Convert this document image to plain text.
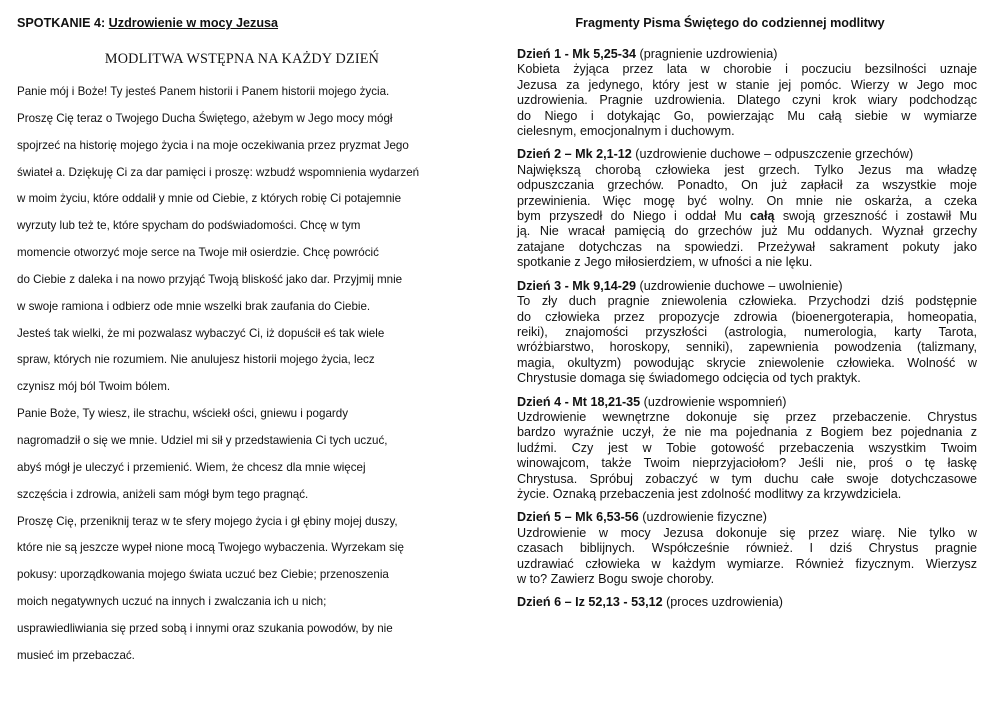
SPOTKANIE 4: Uzdrowienie w mocy Jezusa

MODLITWA WSTĘPNA NA KAŻDY DZIEŃ

Panie mój i Boże! Ty jesteś Panem historii i Panem historii mojego życia.
Proszę Cię teraz o Twojego Ducha Świętego, ażebym w Jego mocy mógł
spojrzeć na historię mojego życia i na moje oczekiwania przez pryzmat Jego
świateł a. Dziękuję Ci za dar pamięci i proszę: wzbudź wspomnienia wydarzeń
w moim życiu, które oddalił y mnie od Ciebie, z których robię Ci potajemnie
wyrzuty lub też te, które spycham do podświadomości. Chcę w tym
momencie otworzyć moje serce na Twoje mił osierdzie. Chcę powrócić
do Ciebie z daleka i na nowo przyjąć Twoją bliskość jako dar. Przyjmij mnie
w swoje ramiona i odbierz ode mnie wszelki brak zaufania do Ciebie.
Jesteś tak wielki, że mi pozwalasz wybaczyć Ci, iż dopuścił eś tak wiele
spraw, których nie rozumiem. Nie anulujesz historii mojego życia, lecz
czynisz mój ból Twoim bólem.
Panie Boże, Ty wiesz, ile strachu, wściekł ości, gniewu i pogardy
nagromadził o się we mnie. Udziel mi sił y przedstawienia Ci tych uczuć,
abyś mógł je uleczyć i przemienić. Wiem, że chcesz dla mnie więcej
szczęścia i zdrowia, aniżeli sam mógł bym tego pragnąć.
Proszę Cię, przeniknij teraz w te sfery mojego życia i gł ębiny mojej duszy,
które nie są jeszcze wypeł nione mocą Twojego wybaczenia. Wyrzekam się
pokusy: uporządkowania mojego świata uczuć bez Ciebie; przenoszenia
moich negatywnych uczuć na innych i zwalczania ich u nich;
usprawiedliwiania się przed sobą i innymi oraz szukania powodów, by nie
musieć im przebaczać.

Fragmenty Pisma Świętego do codziennej modlitwy

Dzień 1 - Mk 5,25-34 (pragnienie uzdrowienia)
Kobieta żyjąca przez lata w chorobie i poczuciu bezsilności uznaje
Jezusa za jedynego, który jest w stanie jej pomóc. Wierzy w Jego moc
uzdrowienia. Pragnie uzdrowienia. Dlatego czyni krok wiary podchodząc
do Niego i dotykając Go, powierzając Mu całą siebie w wymiarze
cielesnym, emocjonalnym i duchowym.
Dzień 2 – Mk 2,1-12 (uzdrowienie duchowe – odpuszczenie grzechów)
Największą chorobą człowieka jest grzech. Tylko Jezus ma władzę
odpuszczania grzechów. Ponadto, On już zapłacił za wszystkie moje
przewinienia. Więc mogę być wolny. On mnie nie oskarża, a czeka
bym przyszedł do Niego i oddał Mu całą swoją grzeszność i zostawił Mu
ją. Nie wracał pamięcią do grzechów już Mu oddanych. Wyznał grzechy
zatajane dotychczas na spowiedzi. Przeżywał sakrament pokuty jako
spotkanie z Jego miłosierdziem, w ufności a nie lęku.
Dzień 3 - Mk 9,14-29 (uzdrowienie duchowe – uwolnienie)
To zły duch pragnie zniewolenia człowieka. Przychodzi dziś podstępnie
do człowieka przez propozycje zdrowia (bioenergoterapia, homeopatia,
reiki), znajomości przyszłości (astrologia, numerologia, karty Tarota,
wróżbiarstwo, horoskopy, senniki), zapewnienia powodzenia (talizmany,
magia, okultyzm) powodując skrycie zniewolenie człowieka. Wolność w
Chrystusie domaga się świadomego odcięcia od tych praktyk.
Dzień 4 - Mt 18,21-35 (uzdrowienie wspomnień)
Uzdrowienie wewnętrzne dokonuje się przez przebaczenie. Chrystus
bardzo wyraźnie uczył, że nie ma pojednania z Bogiem bez pojednania z
ludźmi. Czy jest w Tobie gotowość przebaczenia wszystkim Twoim
winowajcom, także Twoim nieprzyjaciołom? Jeśli nie, proś o tę łaskę
Chrystusa. Spróbuj zobaczyć w tym duchu całe swoje dotychczasowe
życie. Oznaką przebaczenia jest zdolność modlitwy za krzywdziciela.
Dzień 5 – Mk 6,53-56 (uzdrowienie fizyczne)
Uzdrowienie w mocy Jezusa dokonuje się przez wiarę. Nie tylko w
czasach biblijnych. Współcześnie również. I dziś Chrystus pragnie
uzdrawiać człowieka w każdym wymiarze. Również fizycznym. Wierzysz
w to? Zawierz Bogu swoje choroby.
Dzień 6 – Iz 52,13 - 53,12 (proces uzdrowienia)
